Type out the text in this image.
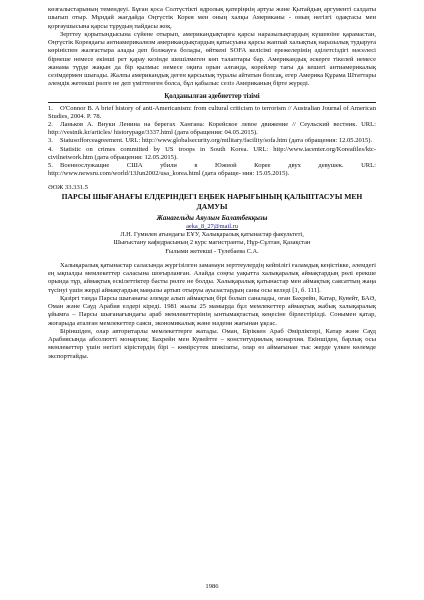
көзғалыстарының темендеуі. Бұған қоса Солтүстікті ядролық қатеріңнің артуы және Қытайдың аргументі салдаты шығып отыр. Мұндай жағдайда Оңтүстік Корея мен оның халқы Американы - оның негізгі одақтасы мен қорғаушысына қарсы тұрудың пайдасы жоқ.

Зерттеу қорытындысына сүйене отырып, американдықтарға қарсы наразылықтардың күшеюіне қарамастан, Оңтүстік Кореядағы антиамерикализм американдықтардың қатысуына қарсы жаппай халықтық наразылық тудыруға көрініспен жалғастыра алады деп болжауға болады, өйткені SOFA келісімі ережелерінің әділетсіздігі мәселесі бірнеше немесе екінші рет қарау кезінде шешілмеген көп талаптары бар. Американдық әскерге тікелей немесе жанама түрде жақын да бір қылмыс немесе оқиға орын алғанда, корейлер тағы да кешегі антиамерикалық сезімдермен шығады. Жалпы американдық деген қарсылық туралы айтатын болсақ, егер Америка Құрама Штаттары әлемдік жетекші рөлге не деп үміттенген болса, бұл қабылыс сезіз Американың бірте жүреді.

Қолданылған әдебиеттер тізімі
1. O'Connor B. A brief history of anti-Americanism: from cultural criticism to terrorism // Australian Journal of American Studies, 2004. P. 78.
2. Ланьков А. Внуки Ленина на берегах Хангана: Корейское левое движение // Сеульский вестник. URL: http://vestnik.kr/articles/ historypage/3337.html (дата обращения: 04.05.2015).
3. Statusofforceagreement. URL: http://www.globalsecurity.org/military/facility/sofa.htm (дата обращения: 12.05.2015).
4. Statistic on crimes committed by US troops in South Korea. URL: http://www.iacenter.org/Koreafiles/ktc-civilnetwork.htm (дата обращения: 12.05.2015).
5. Военнослужащие США убили в Южной Корее двух девушек. URL: http://www.newsru.com/world/13Jun2002/usa_korea.html (дата обраще- ния: 15.05.2015).
ӘОЖ 33.331.5
ПАРСЫ ШЫҒАНАҒЫ ЕЛДЕРІНДЕГІ ЕҢБЕК НАРЫҒЫНЫҢ ҚАЛЫПТАСУЫ МЕН ДАМУЫ
Жанағельды Аяулым Балатбекқызы
aeka_8_27@mail.ru
Л.Н. Гумилев атындағы ЕҰУ, Халықаралық қатынастар факультеті,
Шығыстану кафедрасының 2 курс магистранты, Нұр-Сұлтан, Қазақстан
Ғылыми жетекші - Тулебаева С.А.

Халықаралық қатынастар саласында жүргізілген заманауи зерттеулердің кейпілігі ғаламдық кеңістікке, әлемдегі ең ықпалды мемлекеттер саласына шоғырланған. Алайда соңғы уақытта халықаралық аймақтардың рөлі ерекше орында тұр, аймақтық ескілеттіктер басты рөлге не болды. Халықаралық қатынастар мен аймақтық саясаттың жаңа түсінуі үшін жерді аймақтардың маңызы артып отыруы ауызастардың саны осы келеді [1, б. 111].

Қазіргі таңда Парсы шығанағы әлемде алып аймақтың бірі болып саналады, оған Бахрейн, Катар, Кувейт, БАӘ, Оман және Сауд Арабия елдері кіреді. 1981 жылы 25 мамырда бұл мемлекеттер аймақтық жабық халықаралық ұйымға – Парсы шығанағындағы араб мемлекеттерінің ынтымақтастық кеңесіне бірлестірілді. Сонымен қатар, жоғарыда аталған мемлекеттер саяси, экономикалық және мәдени жағынан ұқсас.

Біріншіден, олар авторитарлы мемлекеттерге жатады. Оман, Біріккен Араб Әмірліктері, Катар және Сауд Арабиясында абсолютті монархия; Бахрейн мен Кувейтте – конституциялық монархия. Екіншіден, барлық осы мемлекеттер үшін негізгі кірістердің бірі – көмірсутек шикізаты, олар өз аймағынан тыс жерде үлкен көлемде экспорттайды.

1986
